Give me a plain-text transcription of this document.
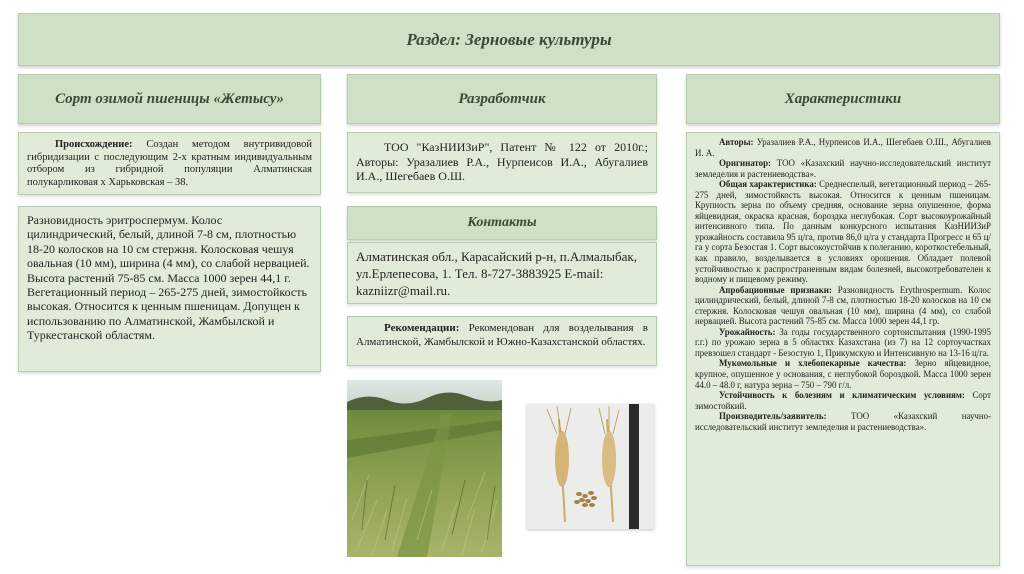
Раздел: Зерновые культуры
Сорт озимой пшеницы «Жетысу»	Разработчик	Характеристики
Происхождение: Создан методом внутривидовой гибридизации с последующим 2-х кратным индивидуальным отбором из гибридной популяции Алматинская полукарликовая х Харьковская – 38.
Разновидность эритроспермум. Колос цилиндрический, белый, длиной 7-8 см, плотностью 18-20 колосков на 10 см стержня. Колосковая чешуя овальная (10 мм), ширина (4 мм), со слабой нервацией. Высота растений 75-85 см. Масса 1000 зерен 44,1 г. Вегетационный период – 265-275 дней, зимостойкость высокая. Относится к ценным пшеницам. Допущен к использованию по Алматинской, Жамбылской и Туркестанской областям.
ТОО "КазНИИЗиР", Патент № 122 от 2010г.; Авторы: Уразалиев Р.А., Нурпеисов И.А., Абугалиев И.А., Шегебаев О.Ш.
Контакты
Алматинская обл., Карасайский р-н, п.Алмалыбак, ул.Ерлепесова, 1. Тел. 8-727-3883925 E-mail: kazniizr@mail.ru.
Рекомендации: Рекомендован для возделывания в Алматинской, Жамбылской и Южно-Казахстанской областях.

Авторы: Уразалиев Р.А., Нурпеисов И.А., Шегебаев О.Ш., Абугалиев И. А.

Оригинатор: ТОО «Казахский научно-исследовательский институт земледелия и растениеводства».

Общая характеристика: Среднеспелый, вегетационный период – 265-275 дней, зимостойкость высокая. Относится к ценным пшеницам. Крупность зерна по объему средняя, основание зерна опушенное, форма яйцевидная, окраска красная, бороздка неглубокая. Сорт высокоурожайный интенсивного типа. По данным конкурсного испытания КазНИИЗиР урожайность составила 95 ц/га, против 86,0 ц/га у стандарта Прогресс и 65 ц/га у сорта Безостая 1. Сорт высокоустойчив к полеганию, короткостебельный, как правило, возделывается в условиях орошения. Обладает полевой устойчивостью к распространенным видам болезней, высокотребователен к водному и пищевому режиму.

Апробационные признаки: Разновидность Erythrospermum. Колос цилиндрический, белый, длиной 7-8 см, плотностью 18-20 колосков на 10 см стержня. Колосковая чешуя овальная (10 мм), ширина (4 мм), со слабой нервацией. Высота растений 75-85 см. Масса 1000 зерен 44,1 гр.

Урожайность: За годы государственного сортоиспытания (1990-1995 г.г.) по урожаю зерна в 5 областях Казахстана (из 7) на 12 сортоучастках превзошел стандарт - Безостую 1, Прикумскую и Интенсивную на 13-16 ц/га.

Мукомольные и хлебопекарные качества: Зерно яйцевидное, крупное, опушенное у основания, с неглубокой бороздкой. Масса 1000 зерен 44.0 – 48.0 г, натура зерна – 750 – 790 г/л.

Устойчивость к болезням и климатическим условиям: Сорт зимостойкий.

Производитель/заявитель: ТОО «Казахский научно-исследовательский институт земледелия и растениеводства».
